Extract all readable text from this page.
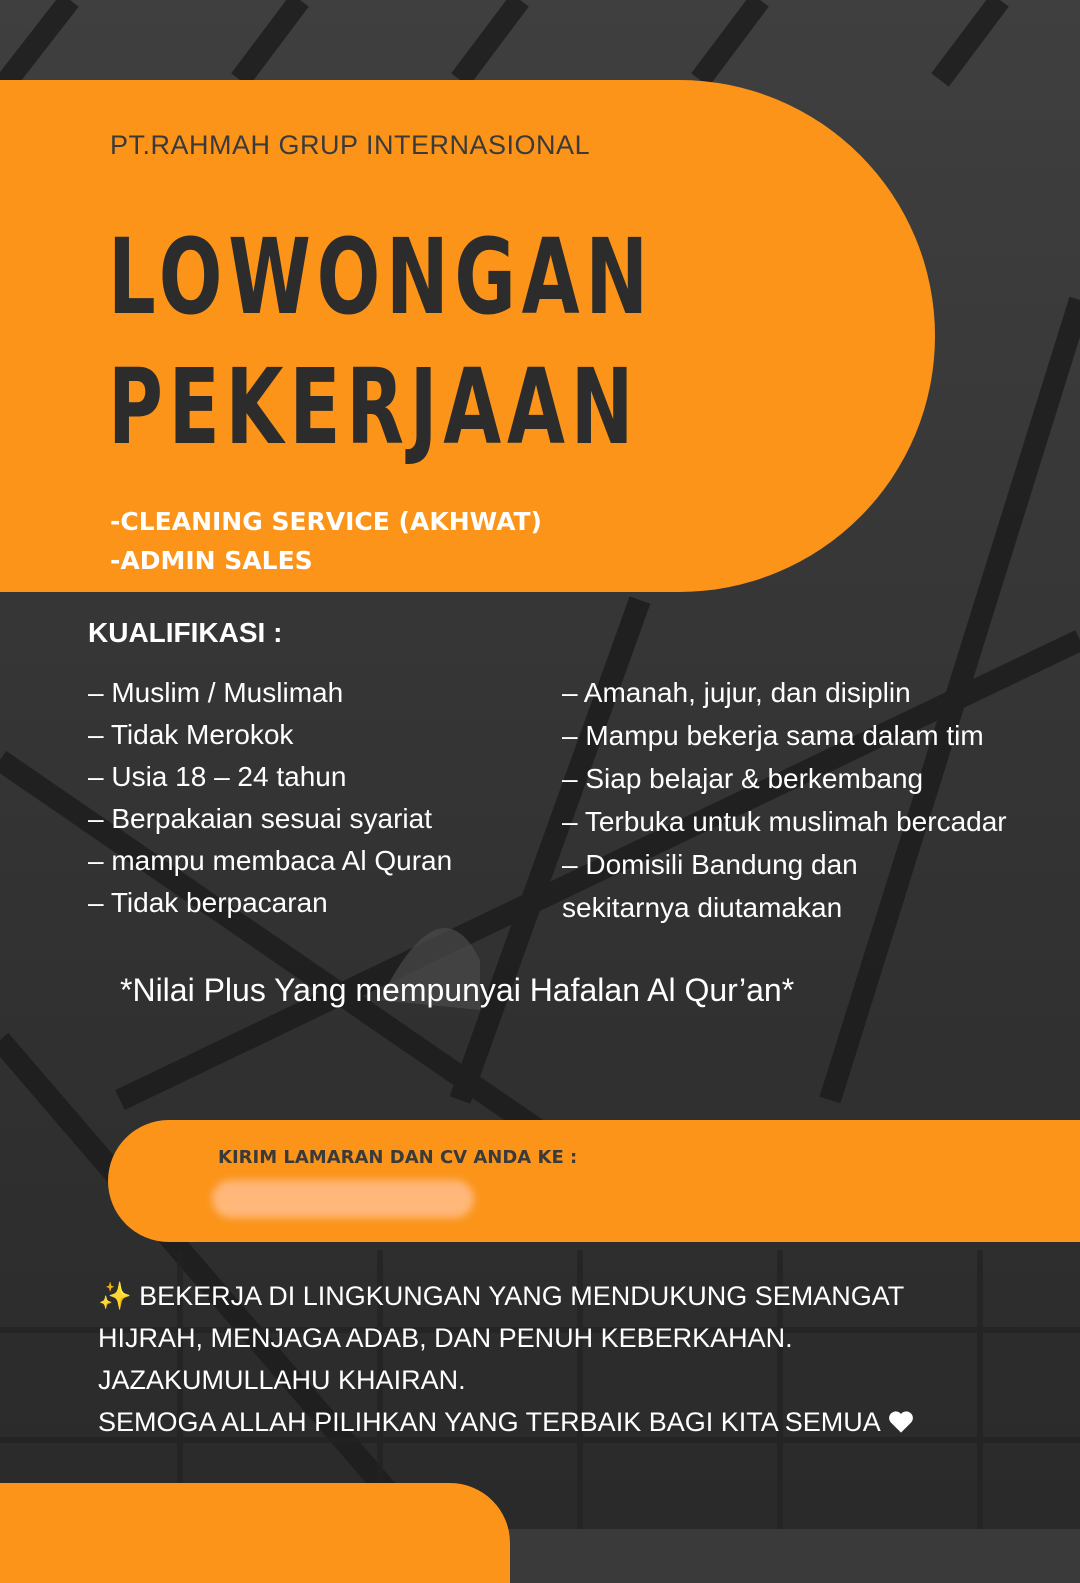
PT.RAHMAH GRUP INTERNASIONAL
LOWONGAN
PEKERJAAN
-CLEANING SERVICE (AKHWAT)
-ADMIN SALES
KUALIFIKASI :
– Muslim / Muslimah
– Tidak Merokok
– Usia 18 – 24 tahun
– Berpakaian sesuai syariat
– mampu membaca Al Quran
– Tidak berpacaran
– Amanah, jujur, dan disiplin
– Mampu bekerja sama dalam tim
– Siap belajar & berkembang
– Terbuka untuk muslimah bercadar
– Domisili Bandung dan
sekitarnya diutamakan
*Nilai Plus Yang mempunyai Hafalan Al Qur’an*
KIRIM LAMARAN DAN CV ANDA KE :
✨ BEKERJA DI LINGKUNGAN YANG MENDUKUNG SEMANGAT
HIJRAH, MENJAGA ADAB, DAN PENUH KEBERKAHAN.
JAZAKUMULLAHU KHAIRAN.
SEMOGA ALLAH PILIHKAN YANG TERBAIK BAGI KITA SEMUA
